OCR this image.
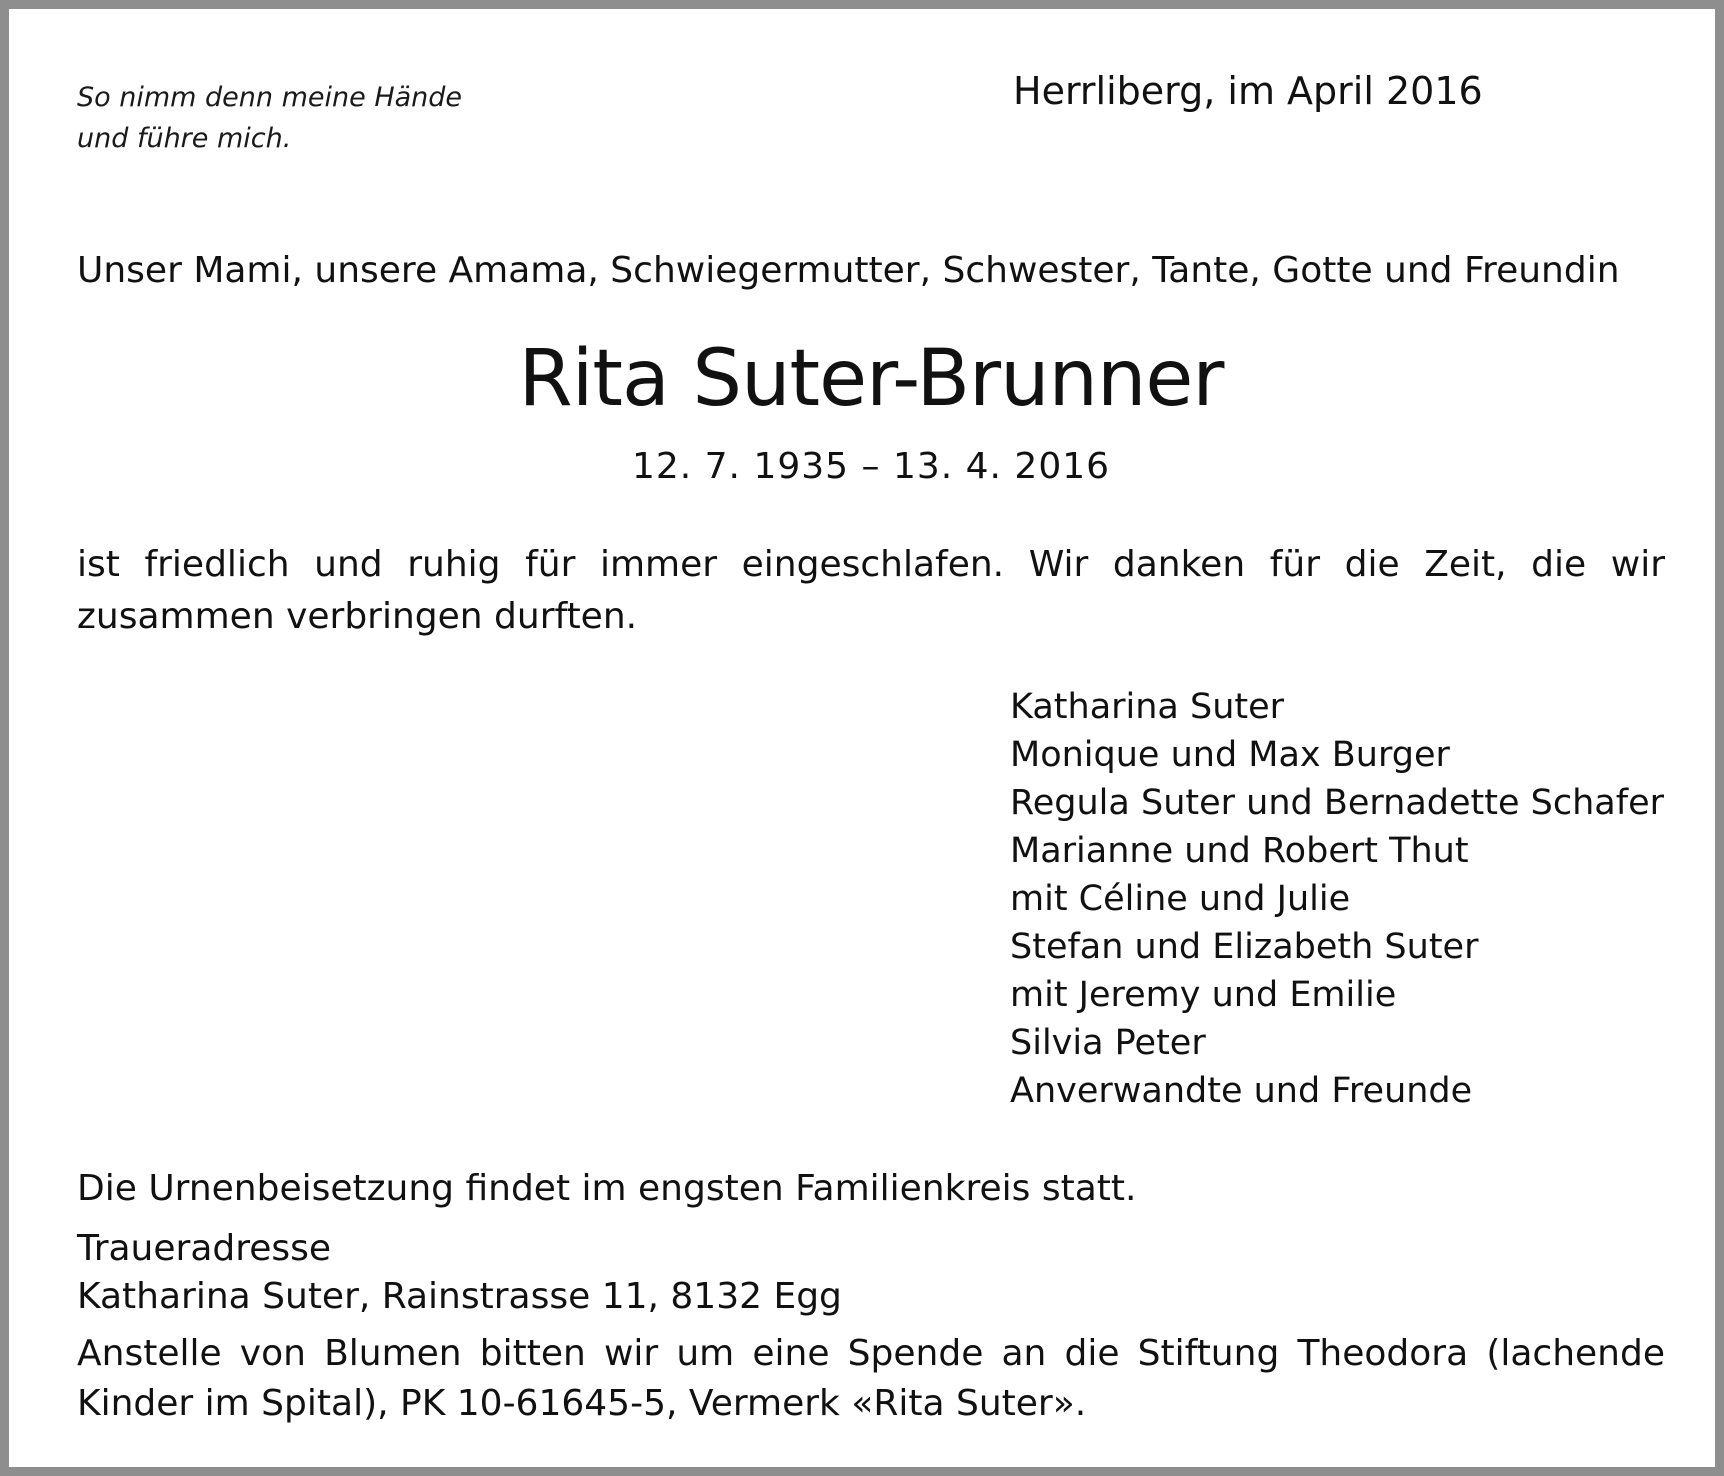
So nimm denn meine Hände
und führe mich.
Herrliberg, im April 2016
Unser Mami, unsere Amama, Schwiegermutter, Schwester, Tante, Gotte und Freundin
Rita Suter-Brunner
12. 7. 1935 – 13. 4. 2016
ist friedlich und ruhig für immer eingeschlafen. Wir danken für die Zeit, die wir zusammen verbringen durften.
Katharina Suter
Monique und Max Burger
Regula Suter und Bernadette Schafer
Marianne und Robert Thut
mit Céline und Julie
Stefan und Elizabeth Suter
mit Jeremy und Emilie
Silvia Peter
Anverwandte und Freunde
Die Urnenbeisetzung findet im engsten Familienkreis statt.
Traueradresse
Katharina Suter, Rainstrasse 11, 8132 Egg
Anstelle von Blumen bitten wir um eine Spende an die Stiftung Theodora (lachende Kinder im Spital), PK 10-61645-5, Vermerk «Rita Suter».
